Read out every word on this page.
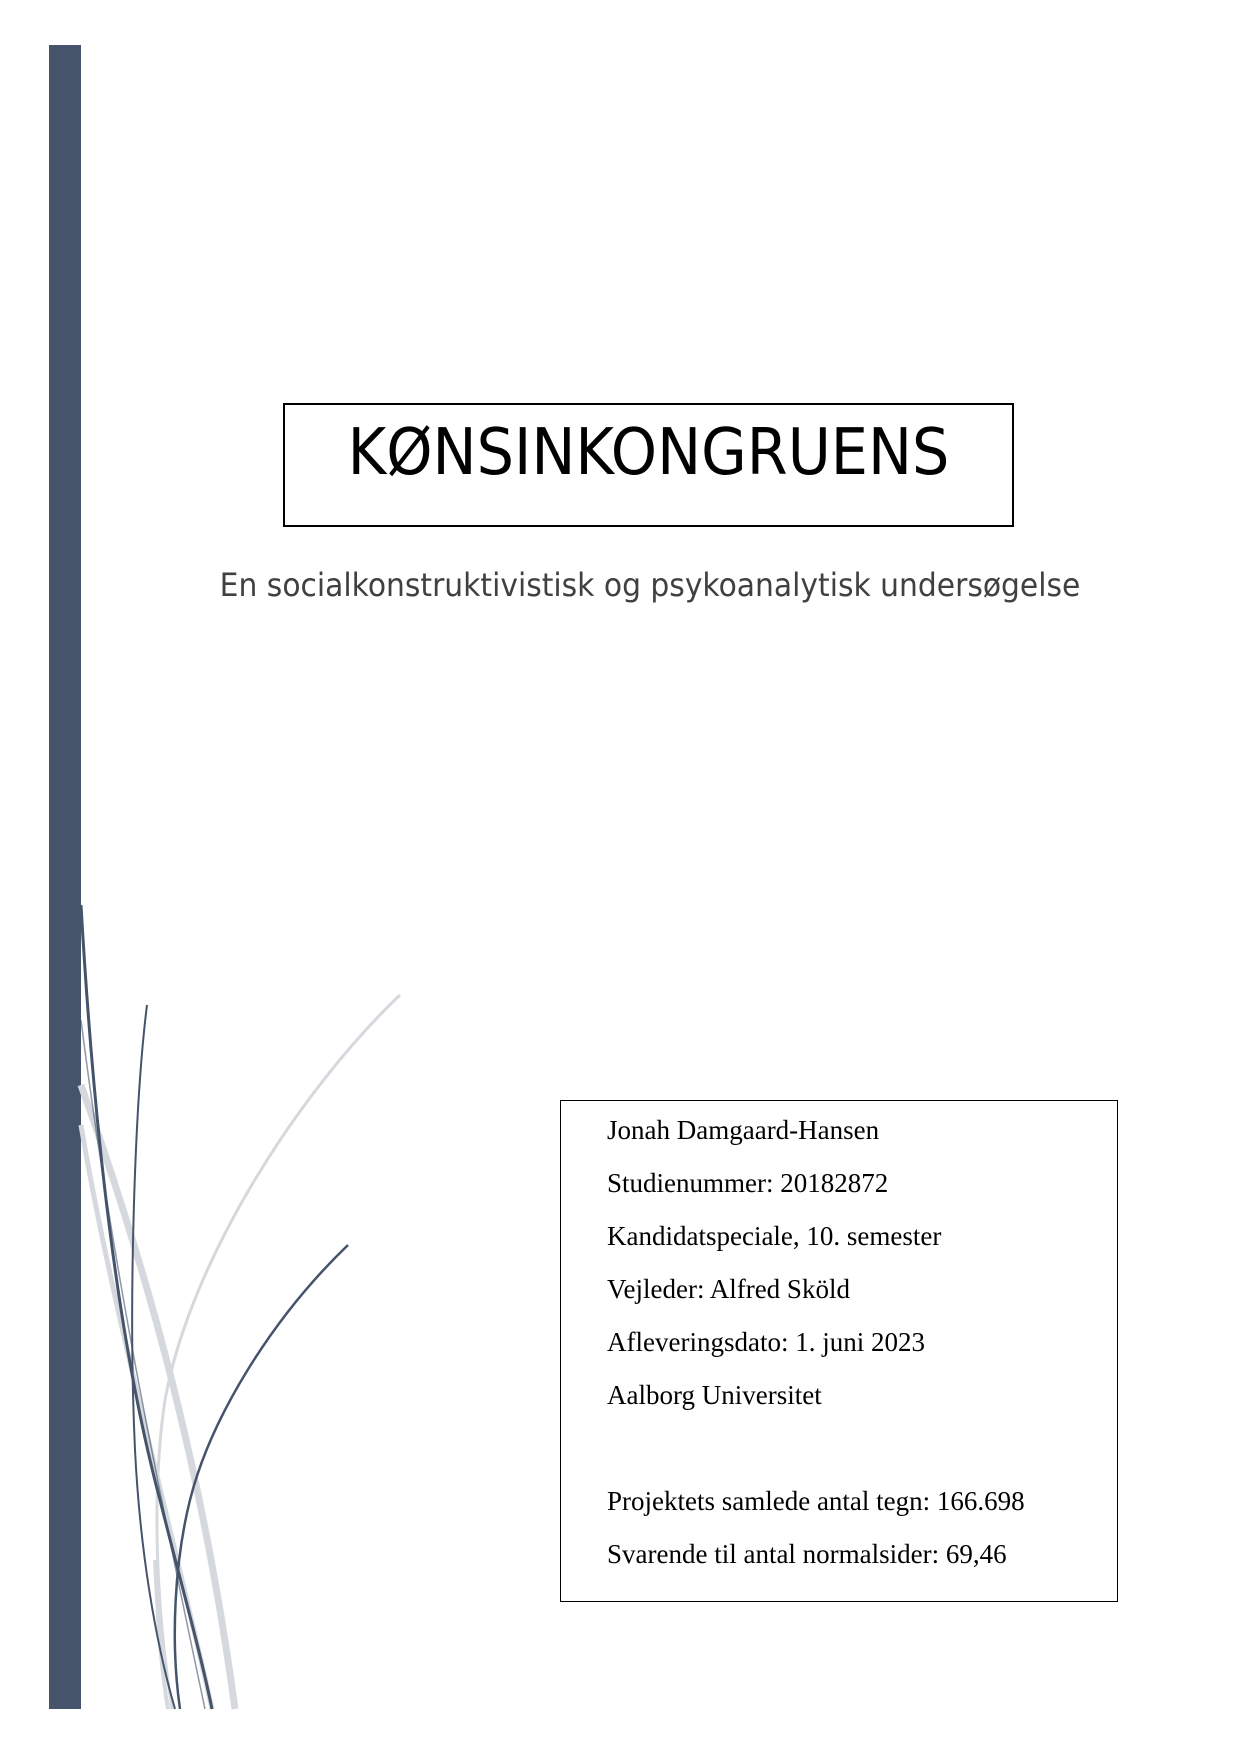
KØNSINKONGRUENS
En socialkonstruktivistisk og psykoanalytisk undersøgelse
Jonah Damgaard-Hansen
Studienummer: 20182872
Kandidatspeciale, 10. semester
Vejleder: Alfred Sköld
Afleveringsdato: 1. juni 2023
Aalborg Universitet
Projektets samlede antal tegn: 166.698
Svarende til antal normalsider: 69,46
